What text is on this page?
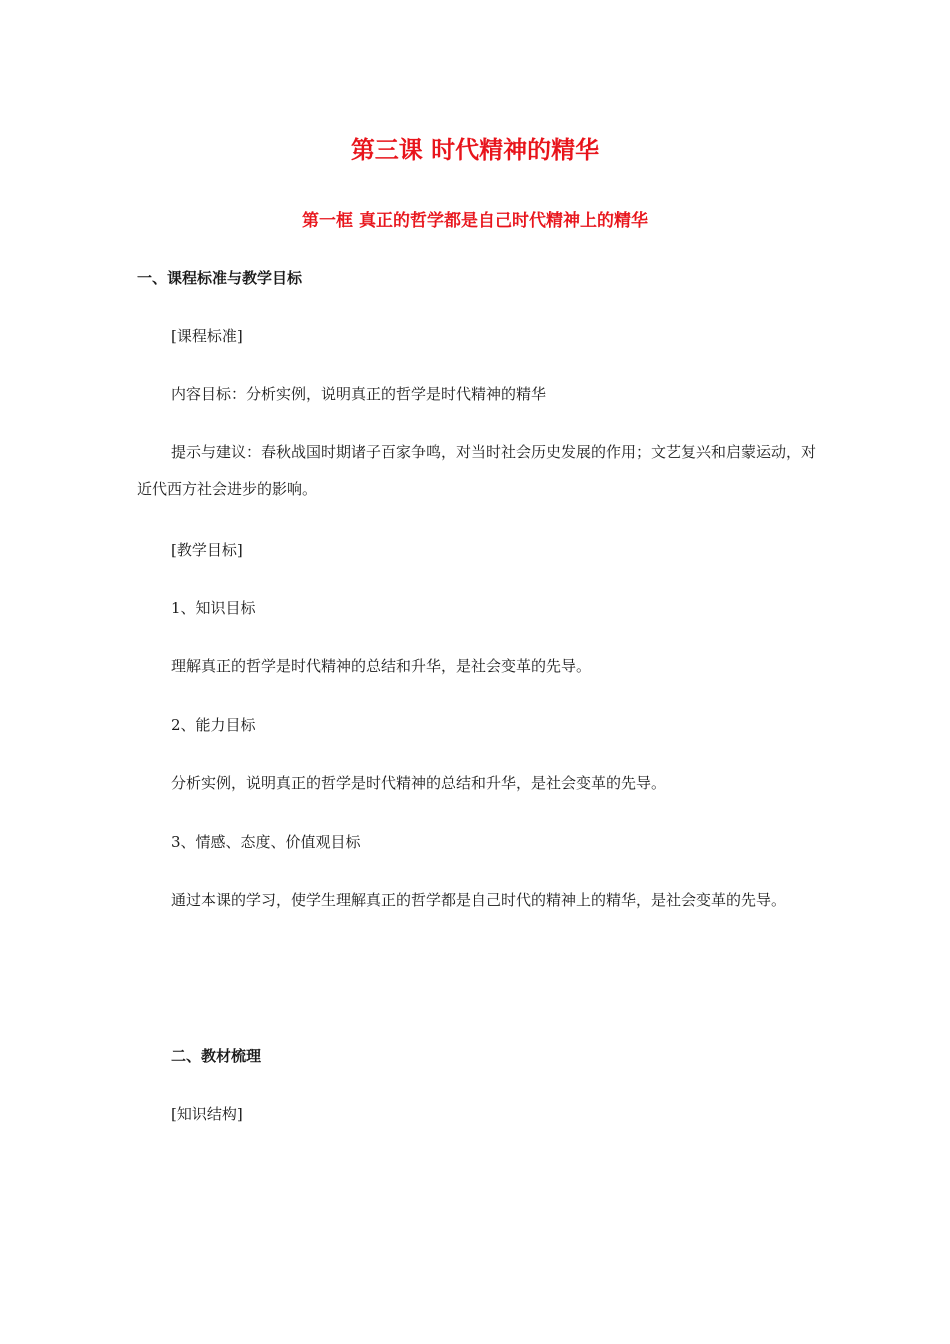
第三课 时代精神的精华
第一框 真正的哲学都是自己时代精神上的精华

一、课程标准与教学目标

[课程标准]

内容目标：分析实例，说明真正的哲学是时代精神的精华

提示与建议：春秋战国时期诸子百家争鸣，对当时社会历史发展的作用；文艺复兴和启蒙运动，对近代西方社会进步的影响。

[教学目标]

1、知识目标

理解真正的哲学是时代精神的总结和升华，是社会变革的先导。

2、能力目标

分析实例，说明真正的哲学是时代精神的总结和升华，是社会变革的先导。

3、情感、态度、价值观目标

通过本课的学习，使学生理解真正的哲学都是自己时代的精神上的精华，是社会变革的先导。

二、教材梳理

[知识结构]
